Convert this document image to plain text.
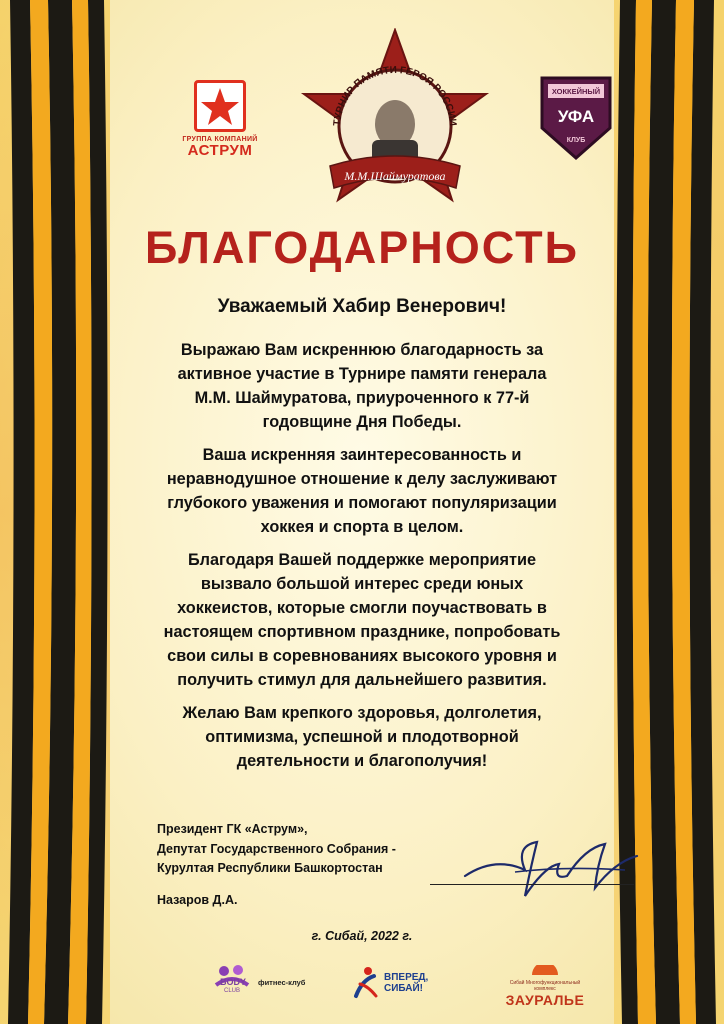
ГРУППА КОМПАНИЙ
АСТРУМ
ТУРНИР ПАМЯТИ ГЕРОЯ РОССИИ
М.М.Шаймуратова
ХОККЕЙНЫЙ
УФА
КЛУБ
БЛАГОДАРНОСТЬ
Уважаемый Хабир Венерович!
Выражаю Вам искреннюю благодарность за
активное участие в Турнире памяти генерала
М.М. Шаймуратова, приуроченного к 77-й
годовщине Дня Победы.
Ваша искренняя заинтересованность и
неравнодушное отношение к делу заслуживают
глубокого уважения и помогают популяризации
хоккея и спорта в целом.
Благодаря Вашей поддержке мероприятие
вызвало большой интерес среди юных
хоккеистов, которые смогли поучаствовать в
настоящем спортивном празднике, попробовать
свои силы в соревнованиях высокого уровня и
получить стимул для дальнейшего развития.
Желаю Вам крепкого здоровья, долголетия,
оптимизма, успешной и плодотворной
деятельности и благополучия!
Президент ГК «Аструм»,
Депутат Государственного Собрания -
Курултая Республики Башкортостан
Назаров Д.А.
г. Сибай, 2022 г.
BODY
CLUB
фитнес-клуб	ВПЕРЕД,
СИБАЙ!	Сибай Многофункциональный комплекс
ЗАУРАЛЬЕ
